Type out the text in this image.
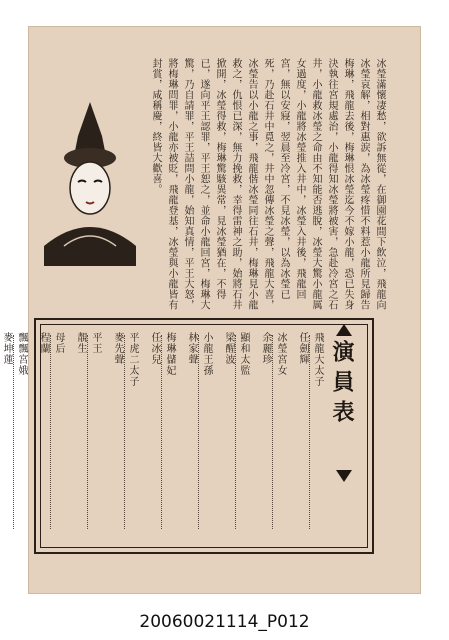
冰瑩滿懷凄愁，欲訴無從，在御園花間下飲泣，飛龍向冰瑩哀解，相對惠涙，為冰瑩疼惜不料惹小龍所見歸告梅琳，飛龍去後，梅琳恨冰瑩迄今不嫁小龍，恐已失身決執往宮規處治，小龍得知冰瑩將被害，急赴冷宮之石井，小龍救冰瑩之命由不知能否逃脫，冰瑩大驚小龍厲女過度，小龍將冰瑩推入井中，冰瑩入井後，飛龍回宮，無以安寢，翌晨至冷宮，不見冰瑩，以為冰瑩已死，乃赴石井中覓之，井中忽傳冰瑩之聲，飛龍大喜，冰瑩告以小龍之事，飛龍偕冰瑩同往石井，梅琳見小龍救之，仇恨已深，無力挽救，幸得雷神之助，始將石井掀開，冰瑩得救，梅琳驚駭異常，見冰瑩猶在，不得已，遂向平王認罪，平王恕之，並命小龍回宮，梅琳大驚，乃自請罪，平王詰問小龍，始知真情，平王大怒，將梅琳問罪，小龍亦被貶，飛龍登基，冰瑩與小龍皆有封賞，咸稱慶，終皆大歡喜。
演員表
飛龍大太子
任劍輝
冰瑩宮女
余麗珍
顯和太監
梁醒波
小龍王孫
林家聲
梅琳儲妃
任冰兒
平虎二太子
麥先聲
平王
靚生
母后
程蘭
飄飄宮娥
麥坤蓮
20060021114_P012
